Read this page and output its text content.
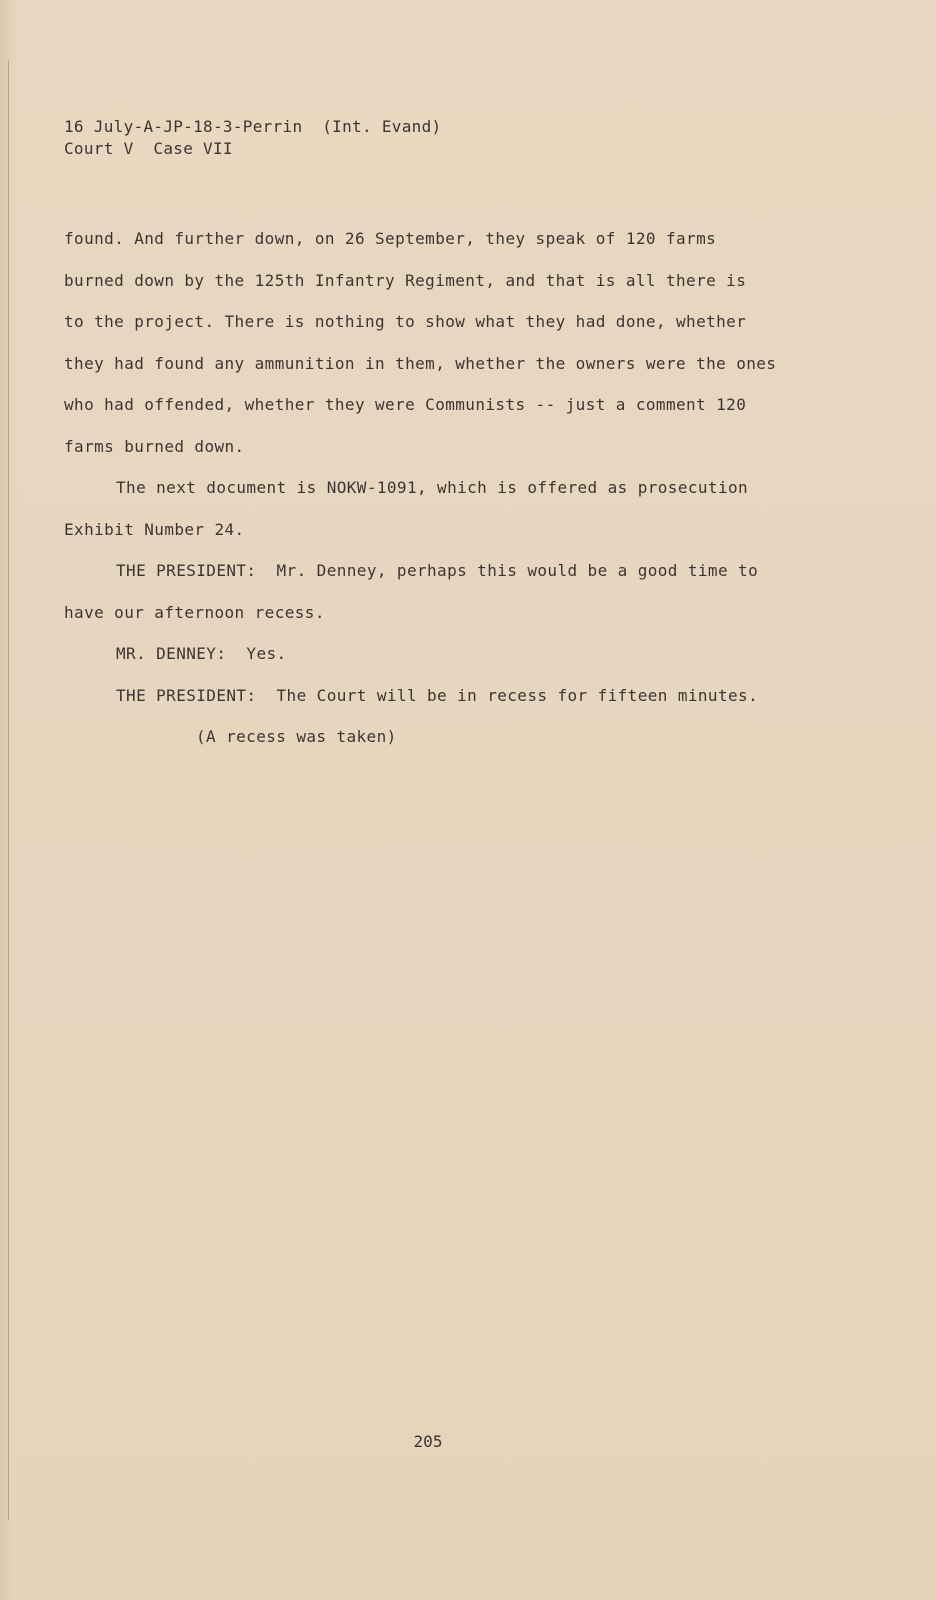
16 July-A-JP-18-3-Perrin  (Int. Evand)
Court V  Case VII
found. And further down, on 26 September, they speak of 120 farms
burned down by the 125th Infantry Regiment, and that is all there is
to the project. There is nothing to show what they had done, whether
they had found any ammunition in them, whether the owners were the ones
who had offended, whether they were Communists -- just a comment 120
farms burned down.
The next document is NOKW-1091, which is offered as prosecution
Exhibit Number 24.
THE PRESIDENT:  Mr. Denney, perhaps this would be a good time to
have our afternoon recess.
MR. DENNEY:  Yes.
THE PRESIDENT:  The Court will be in recess for fifteen minutes.
(A recess was taken)
205
